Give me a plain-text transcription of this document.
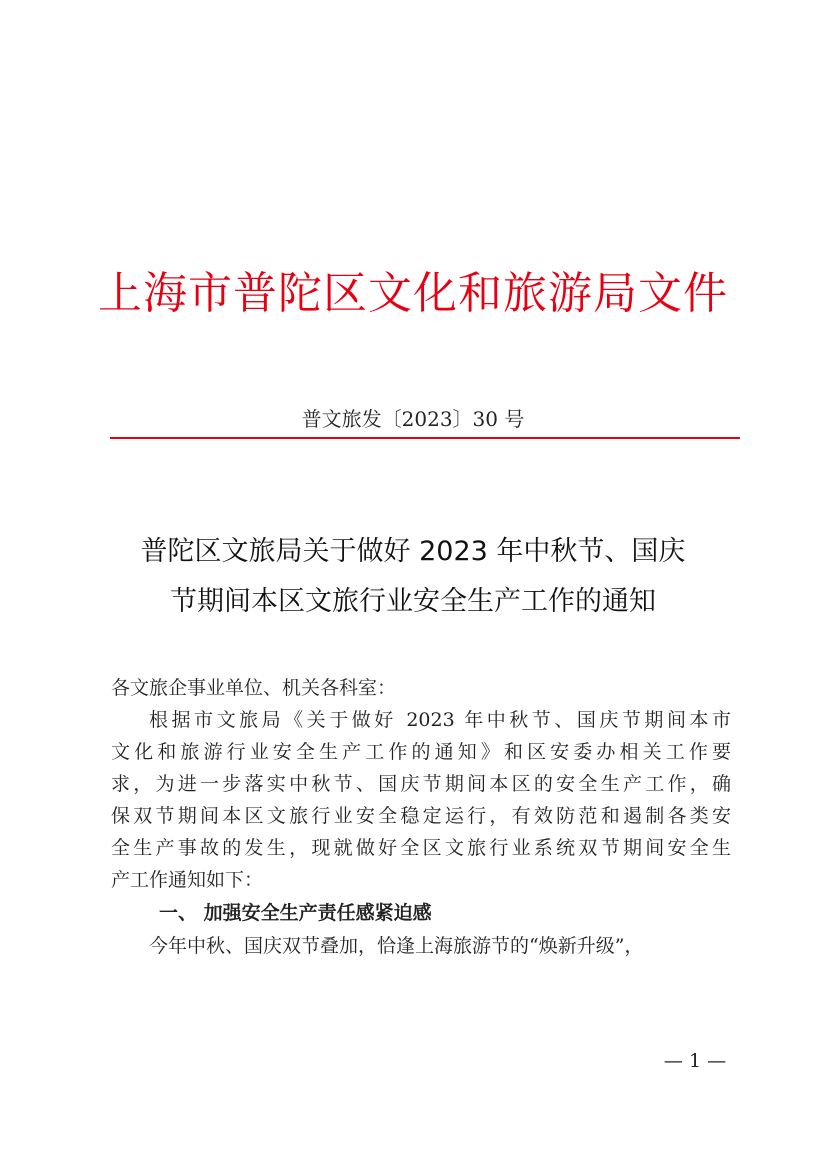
上海市普陀区文化和旅游局文件
普文旅发〔2023〕30 号
普陀区文旅局关于做好 2023 年中秋节、国庆
节期间本区文旅行业安全生产工作的通知

各文旅企事业单位、机关各科室：

根据市文旅局《关于做好 2023 年中秋节、国庆节期间本市

文化和旅游行业安全生产工作的通知》和区安委办相关工作要

求，为进一步落实中秋节、国庆节期间本区的安全生产工作，确

保双节期间本区文旅行业安全稳定运行，有效防范和遏制各类安

全生产事故的发生，现就做好全区文旅行业系统双节期间安全生

产工作通知如下：

一、 加强安全生产责任感紧迫感

今年中秋、国庆双节叠加，恰逢上海旅游节的“焕新升级”，

— 1 —
